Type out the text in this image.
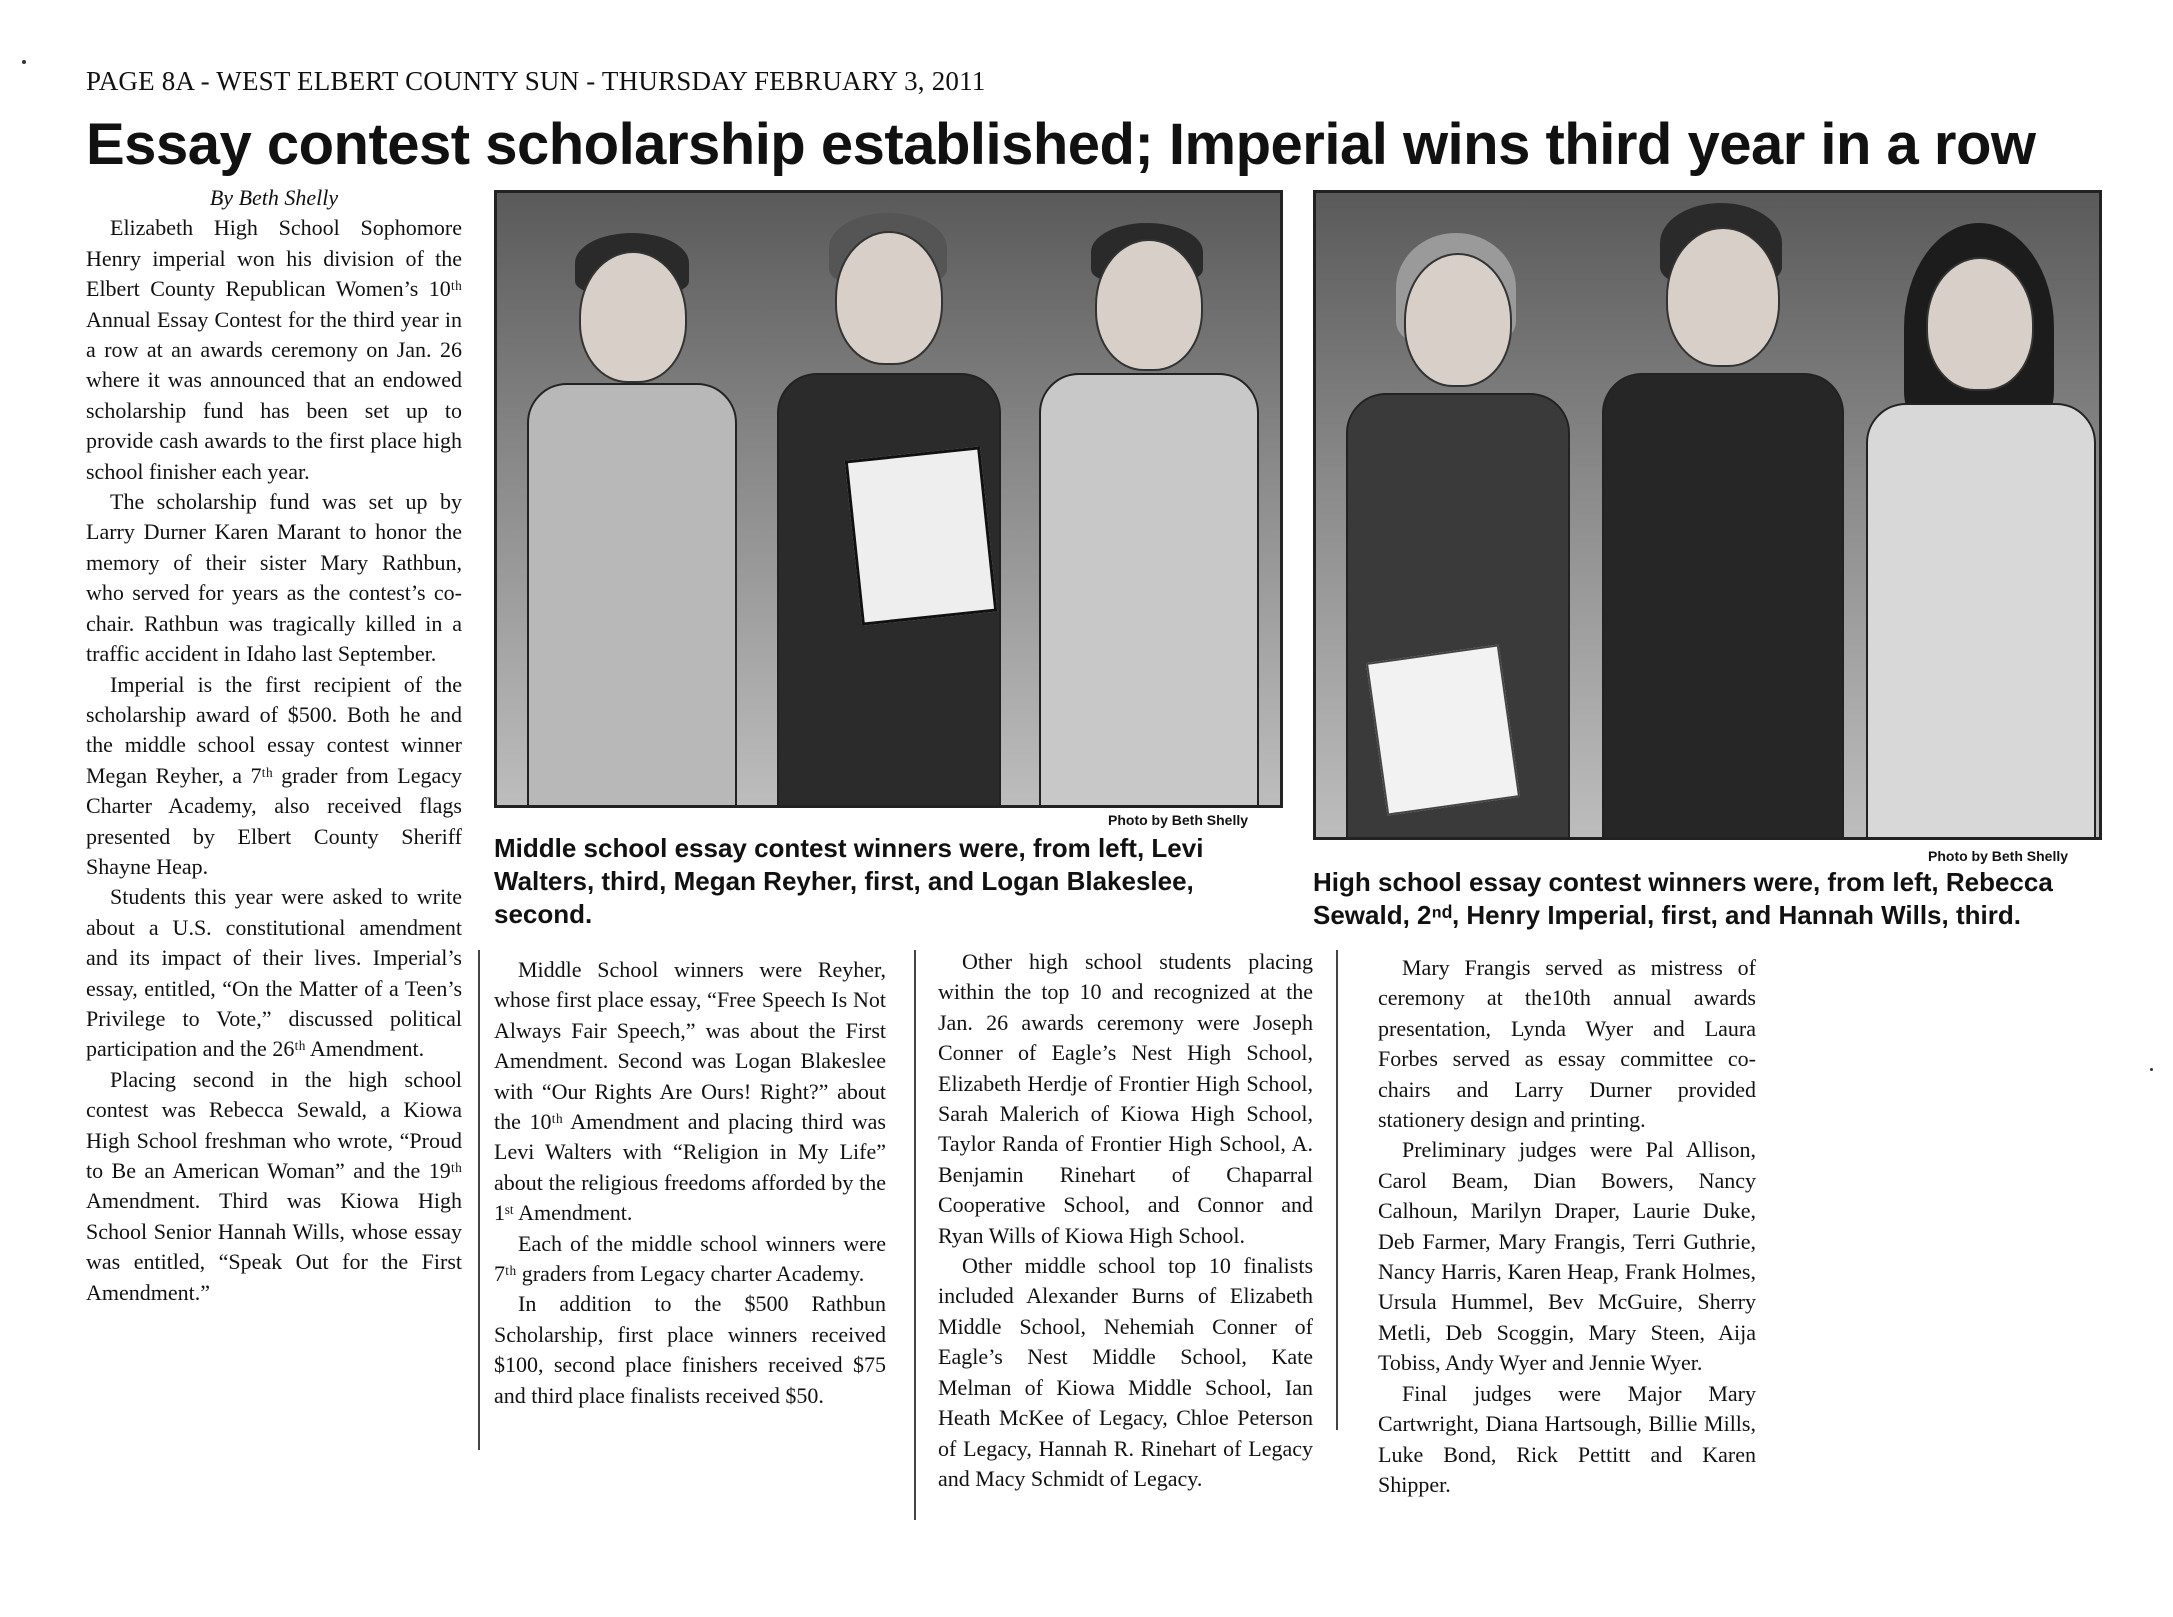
PAGE 8A - WEST ELBERT COUNTY SUN - THURSDAY FEBRUARY 3, 2011
Essay contest scholarship established; Imperial wins third year in a row

By Beth Shelly

Elizabeth High School Sophomore Henry imperial won his division of the Elbert County Republican Women’s 10ᵗʰ Annual Essay Contest for the third year in a row at an awards ceremony on Jan. 26 where it was announced that an endowed scholarship fund has been set up to provide cash awards to the first place high school finisher each year.

The scholarship fund was set up by Larry Durner Karen Marant to honor the memory of their sister Mary Rathbun, who served for years as the contest’s co-chair. Rathbun was tragically killed in a traffic accident in Idaho last September.

Imperial is the first recipient of the scholarship award of $500. Both he and the middle school essay contest winner Megan Reyher, a 7ᵗʰ grader from Legacy Charter Academy, also received flags presented by Elbert County Sheriff Shayne Heap.

Students this year were asked to write about a U.S. constitutional amendment and its impact of their lives. Imperial’s essay, entitled, “On the Matter of a Teen’s Privilege to Vote,” discussed political participation and the 26ᵗʰ Amendment.

Placing second in the high school contest was Rebecca Sewald, a Kiowa High School freshman who wrote, “Proud to Be an American Woman” and the 19ᵗʰ Amendment. Third was Kiowa High School Senior Hannah Wills, whose essay was entitled, “Speak Out for the First Amendment.”

Photo by Beth Shelly
Middle school essay contest winners were, from left, Levi Walters, third, Megan Reyher, first, and Logan Blakeslee, second.
Photo by Beth Shelly
High school essay contest winners were, from left, Rebecca Sewald, 2ⁿᵈ, Henry Imperial, first, and Hannah Wills, third.

Middle School winners were Reyher, whose first place essay, “Free Speech Is Not Always Fair Speech,” was about the First Amendment. Second was Logan Blakeslee with “Our Rights Are Ours! Right?” about the 10ᵗʰ Amendment and placing third was Levi Walters with “Religion in My Life” about the religious freedoms afforded by the 1ˢᵗ Amendment.

Each of the middle school winners were 7ᵗʰ graders from Legacy charter Academy.

In addition to the $500 Rathbun Scholarship, first place winners received $100, second place finishers received $75 and third place finalists received $50.

Other high school students placing within the top 10 and recognized at the Jan. 26 awards ceremony were Joseph Conner of Eagle’s Nest High School, Elizabeth Herdje of Frontier High School, Sarah Malerich of Kiowa High School, Taylor Randa of Frontier High School, A. Benjamin Rinehart of Chaparral Cooperative School, and Connor and Ryan Wills of Kiowa High School.

Other middle school top 10 finalists included Alexander Burns of Elizabeth Middle School, Nehemiah Conner of Eagle’s Nest Middle School, Kate Melman of Kiowa Middle School, Ian Heath McKee of Legacy, Chloe Peterson of Legacy, Hannah R. Rinehart of Legacy and Macy Schmidt of Legacy.

Mary Frangis served as mistress of ceremony at the10th annual awards presentation, Lynda Wyer and Laura Forbes served as essay committee co-chairs and Larry Durner provided stationery design and printing.

Preliminary judges were Pal Allison, Carol Beam, Dian Bowers, Nancy Calhoun, Marilyn Draper, Laurie Duke, Deb Farmer, Mary Frangis, Terri Guthrie, Nancy Harris, Karen Heap, Frank Holmes, Ursula Hummel, Bev McGuire, Sherry Metli, Deb Scoggin, Mary Steen, Aija Tobiss, Andy Wyer and Jennie Wyer.

Final judges were Major Mary Cartwright, Diana Hartsough, Billie Mills, Luke Bond, Rick Pettitt and Karen Shipper.
